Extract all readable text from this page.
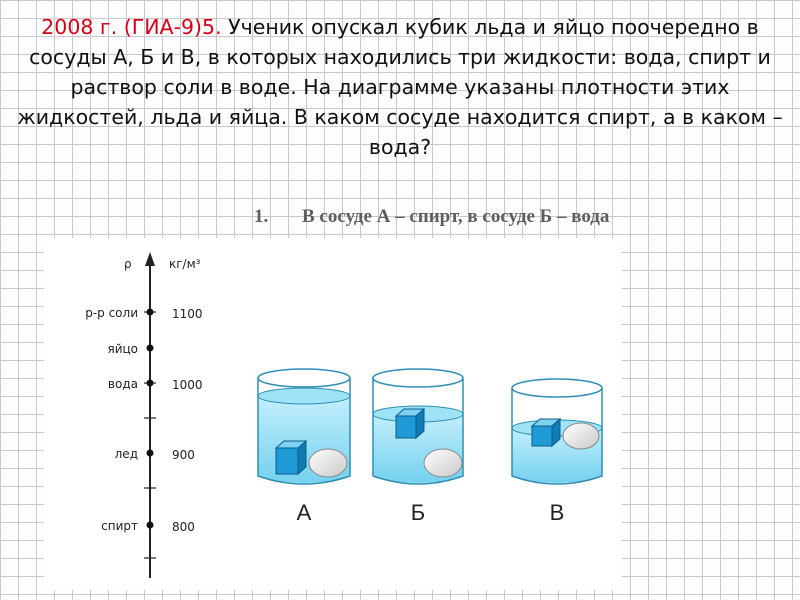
2008 г. (ГИА-9)5. Ученик опускал кубик льда и яйцо поочередно в сосуды А, Б и В, в которых находились три жидкости: вода, спирт и раствор соли в воде. На диаграмме указаны плотности этих жидкостей, льда и яйца. В каком сосуде находится спирт, а в каком – вода?
1.	В сосуде А – спирт, в сосуде Б – вода
ρ	кг/м³
р-р соли	1100
яйцо
вода	1000
лед	900
спирт	800
А	Б	В
